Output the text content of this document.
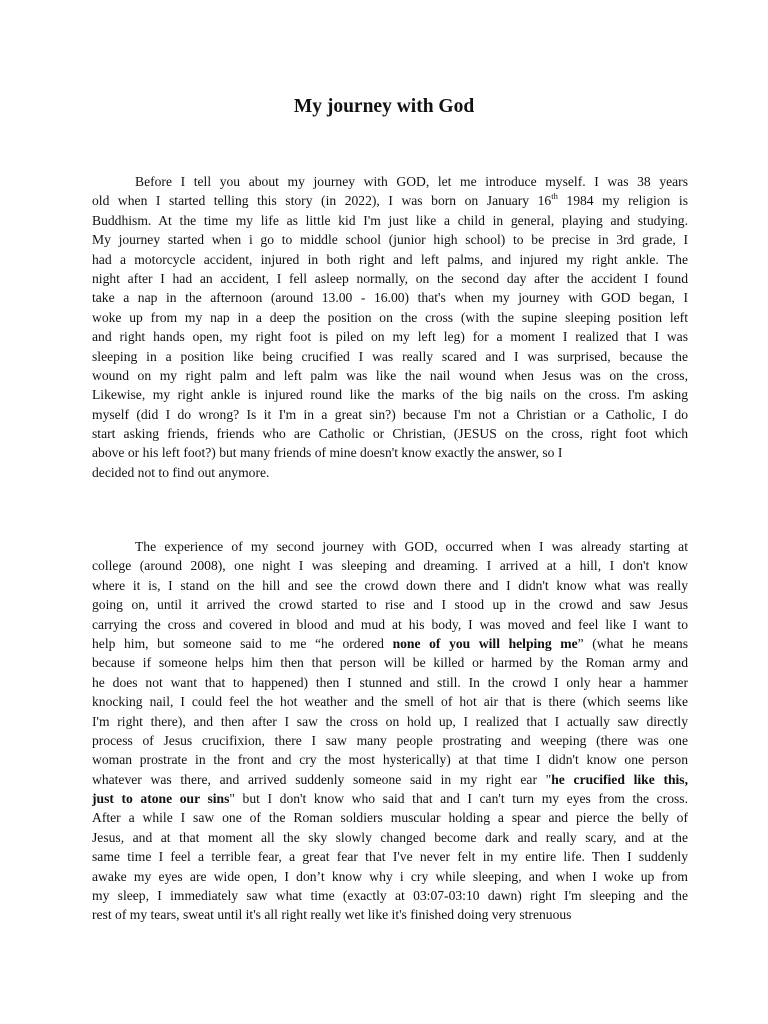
My journey with God
Before I tell you about my journey with GOD, let me introduce myself. I was 38 years
old when I started telling this story (in 2022), I was born on January 16th 1984 my religion is
Buddhism. At the time my life as little kid I'm just like a child in general, playing and studying.
My journey started when i go to middle school (junior high school) to be precise in 3rd grade, I
had a motorcycle accident, injured in both right and left palms, and injured my right ankle. The
night after I had an accident, I fell asleep normally, on the second day after the accident I found
take a nap in the afternoon (around 13.00 - 16.00) that's when my journey with GOD began, I
woke up from my nap in a deep the position on the cross (with the supine sleeping position left
and right hands open, my right foot is piled on my left leg) for a moment I realized that I was
sleeping in a position like being crucified I was really scared and I was surprised, because the
wound on my right palm and left palm was like the nail wound when Jesus was on the cross,
Likewise, my right ankle is injured round like the marks of the big nails on the cross. I'm asking
myself (did I do wrong? Is it I'm in a great sin?) because I'm not a Christian or a Catholic, I do
start asking friends, friends who are Catholic or Christian, (JESUS on the cross, right foot which
above or his left foot?) but many friends of mine doesn't know exactly the answer, so I
decided not to find out anymore.
The experience of my second journey with GOD, occurred when I was already starting at
college (around 2008), one night I was sleeping and dreaming. I arrived at a hill, I don't know
where it is, I stand on the hill and see the crowd down there and I didn't know what was really
going on, until it arrived the crowd started to rise and I stood up in the crowd and saw Jesus
carrying the cross and covered in blood and mud at his body, I was moved and feel like I want to
help him, but someone said to me “he ordered none of you will helping me” (what he means
because if someone helps him then that person will be killed or harmed by the Roman army and
he does not want that to happened) then I stunned and still. In the crowd I only hear a hammer
knocking nail, I could feel the hot weather and the smell of hot air that is there (which seems like
I'm right there), and then after I saw the cross on hold up, I realized that I actually saw directly
process of Jesus crucifixion, there I saw many people prostrating and weeping (there was one
woman prostrate in the front and cry the most hysterically) at that time I didn't know one person
whatever was there, and arrived suddenly someone said in my right ear "he crucified like this,
just to atone our sins" but I don't know who said that and I can't turn my eyes from the cross.
After a while I saw one of the Roman soldiers muscular holding a spear and pierce the belly of
Jesus, and at that moment all the sky slowly changed become dark and really scary, and at the
same time I feel a terrible fear, a great fear that I've never felt in my entire life. Then I suddenly
awake my eyes are wide open, I don’t know why i cry while sleeping, and when I woke up from
my sleep, I immediately saw what time (exactly at 03:07-03:10 dawn) right I'm sleeping and the
rest of my tears, sweat until it's all right really wet like it's finished doing very strenuous
